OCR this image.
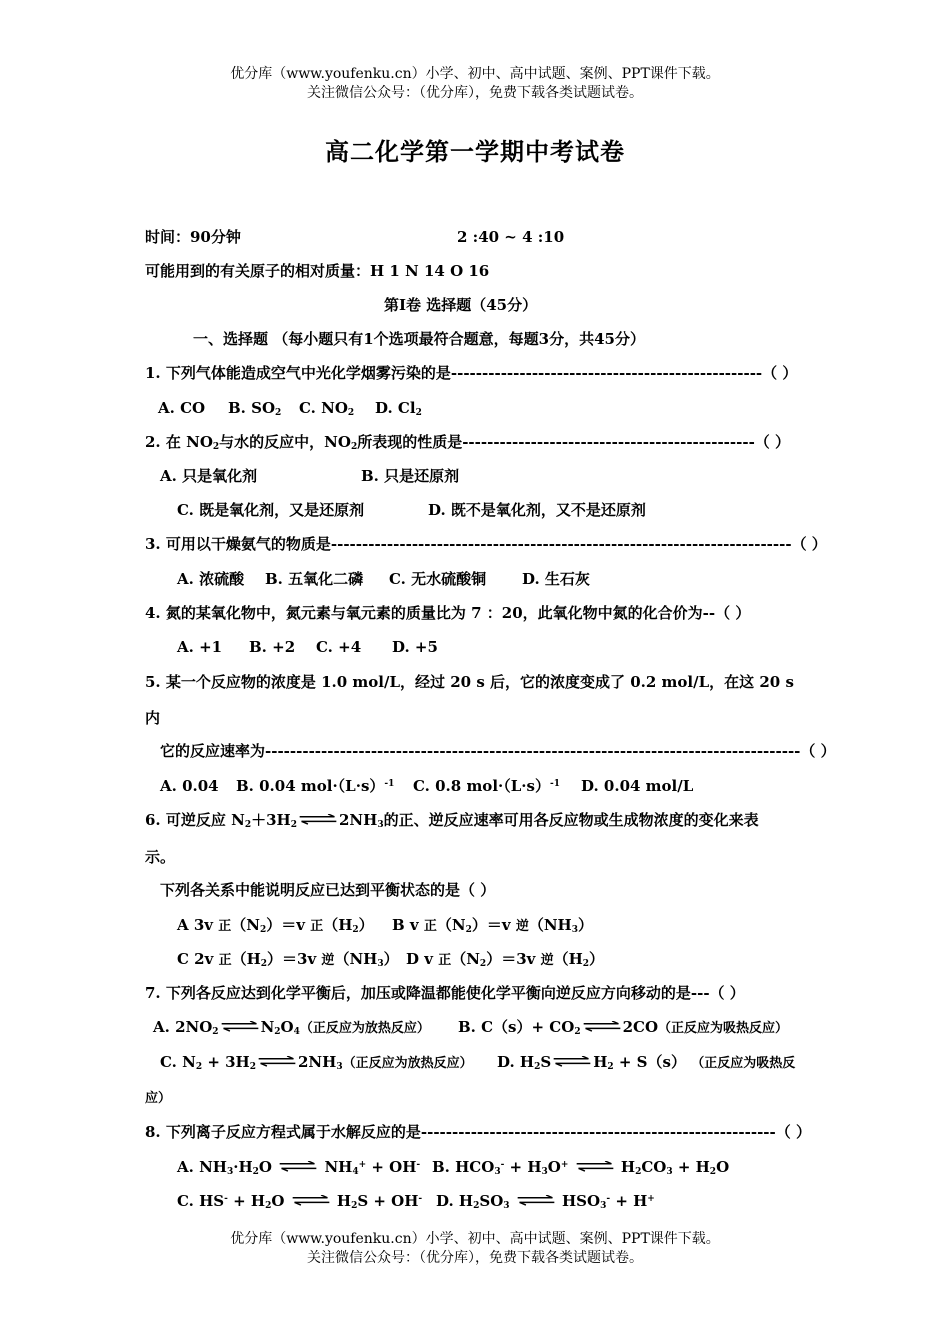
优分库（www.youfenku.cn）小学、初中、高中试题、案例、PPT课件下载。
关注微信公众号：（优分库），免费下载各类试题试卷。
高二化学第一学期中考试卷
时间：90分钟	2 :40 ~ 4 :10
可能用到的有关原子的相对质量：H 1 N 14 O 16
第Ⅰ卷 选择题（45分）
一、选择题 （每小题只有1个选项最符合题意，每题3分，共45分）
1. 下列气体能造成空气中光化学烟雾污染的是--------------------------------------------------（ ）
A. CO B. $SO_2$ C. $NO_2$ D. $Cl_2$
2. 在 $NO_2$与水的反应中，$NO_2$所表现的性质是-----------------------------------------------（ ）
A. 只是氧化剂	B. 只是还原剂
C. 既是氧化剂，又是还原剂	D. 既不是氧化剂，又不是还原剂
3. 可用以干燥氨气的物质是--------------------------------------------------------------------------（ ）
A. 浓硫酸 B. 五氧化二磷 C. 无水硫酸铜 D. 生石灰
4. 氮的某氧化物中，氮元素与氧元素的质量比为 7 ：20，此氧化物中氮的化合价为--（ ）
A. +1 B. +2 C. +4 D. +5
5. 某一个反应物的浓度是 1.0 mol/L，经过 20 s 后，它的浓度变成了 0.2 mol/L，在这 20 s
内
它的反应速率为--------------------------------------------------------------------------------------（ ）
A. 0.04 B. 0.04 $mol\cdot(L\cdot s)^{-1}$ C. 0.8 $mol\cdot(L\cdot s)^{-1}$ D. 0.04 mol/L
6. 可逆反应 $N_2+3H_2$	$2NH_3$的正、逆反应速率可用各反应物或生成物浓度的变化来表
示。
下列各关系中能说明反应已达到平衡状态的是（ ）
A 3v 正$(N_2)=v$ 正$(H_2)$ B v 正$(N_2)=v$ 逆$(NH_3)$
C 2v 正$(H_2)=3v$ 逆$(NH_3)$ D v 正$(N_2)=3v$ 逆$(H_2)$
7. 下列各反应达到化学平衡后，加压或降温都能使化学平衡向逆反应方向移动的是---（ ）
A. $2NO_2$	$N_2O_4$（正反应为放热反应） B. $C(s)+ CO_2$	2CO（正反应为吸热反应）
C. $N_2 + 3H_2$	$2NH_3$（正反应为放热反应） D. $H_2S$	$H_2 + S(s)$ （正反应为吸热反
应）
8. 下列离子反应方程式属于水解反应的是---------------------------------------------------------（ ）
A. $NH_3\cdot H_2O$	$NH_4^+ + OH^-$ B. $HCO_3^- + H_3O^+$	$H_2CO_3 + H_2O$
C. $HS^- + H_2O$	$H_2S + OH^-$ D. $H_2SO_3$	$HSO_3^- + H^+$
优分库（www.youfenku.cn）小学、初中、高中试题、案例、PPT课件下载。
关注微信公众号：（优分库），免费下载各类试题试卷。
